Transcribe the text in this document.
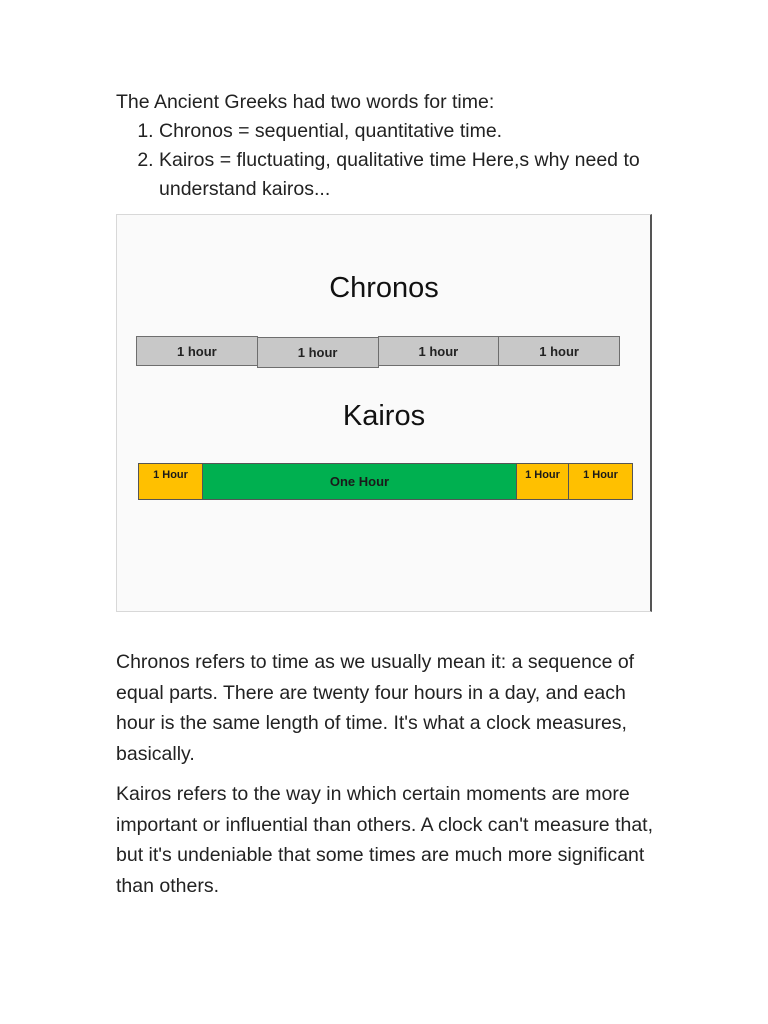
The Ancient Greeks had two words for time:

1. Chronos = sequential, quantitative time.
2. Kairos = fluctuating, qualitative time Here,s why need to understand kairos...
Chronos
1 hour	1 hour	1 hour	1 hour
Kairos
1 Hour	One Hour	1 Hour	1 Hour

Chronos refers to time as we usually mean it: a sequence of equal parts. There are twenty four hours in a day, and each hour is the same length of time. It's what a clock measures, basically.

Kairos refers to the way in which certain moments are more important or influential than others. A clock can't measure that, but it's undeniable that some times are much more significant than others.
